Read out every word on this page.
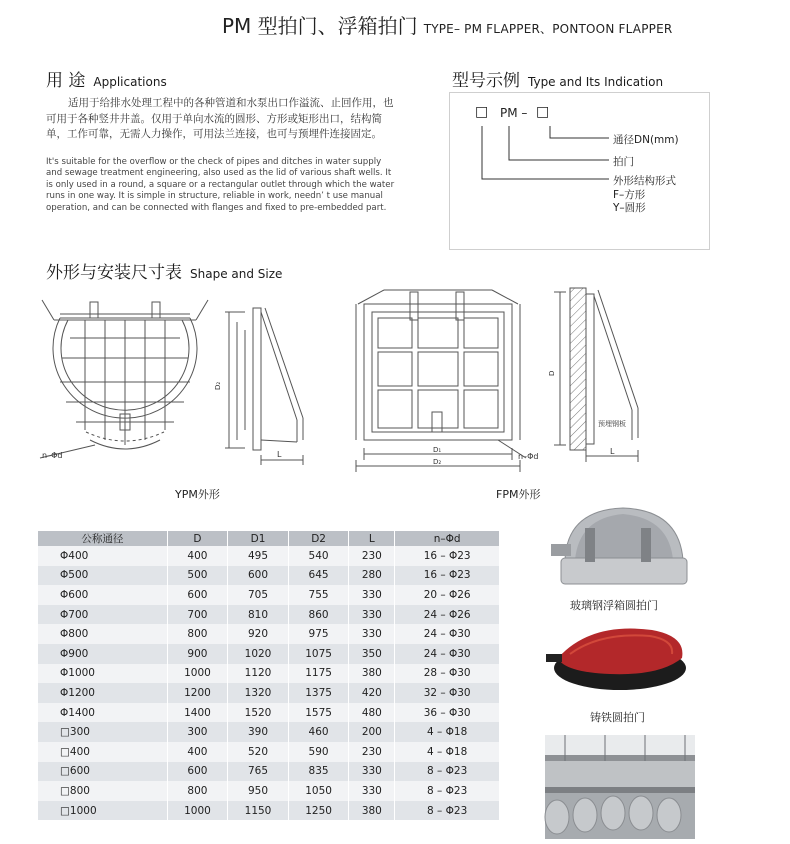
PM 型拍门、浮箱拍门 TYPE– PM FLAPPER、PONTOON FLAPPER
用 途 Applications
适用于给排水处理工程中的各种管道和水泵出口作溢流、止回作用，也可用于各种竖井井盖。仅用于单向水流的圆形、方形或矩形出口，结构简单，工作可靠，无需人力操作，可用法兰连接，也可与预埋件连接固定。
It's suitable for the overflow or the check of pipes and ditches in water supply and sewage treatment engineering, also used as the lid of various shaft wells. It is only used in a round, a square or a rectangular outlet through which the water runs in one way. It is simple in structure, reliable in work, needn’ t use manual operation, and can be connected with flanges and fixed to pre-embedded part.
型号示例 Type and Its Indication
□ PM – □
通径DN(mm)
拍门
外形结构形式
F–方形
Y–圆形
外形与安装尺寸表 Shape and Size
n–Φd
D₂
L
YPM外形
D₁
D₂
n–Φd
D
L
预埋钢板
FPM外形
公称通径	D	D1	D2	L	n–Φd
Φ400	400	495	540	230	16 – Φ23
Φ500	500	600	645	280	16 – Φ23
Φ600	600	705	755	330	20 – Φ26
Φ700	700	810	860	330	24 – Φ26
Φ800	800	920	975	330	24 – Φ30
Φ900	900	1020	1075	350	24 – Φ30
Φ1000	1000	1120	1175	380	28 – Φ30
Φ1200	1200	1320	1375	420	32 – Φ30
Φ1400	1400	1520	1575	480	36 – Φ30
□300	300	390	460	200	4 – Φ18
□400	400	520	590	230	4 – Φ18
□600	600	765	835	330	8 – Φ23
□800	800	950	1050	330	8 – Φ23
□1000	1000	1150	1250	380	8 – Φ23
玻璃钢浮箱圆拍门
铸铁圆拍门
